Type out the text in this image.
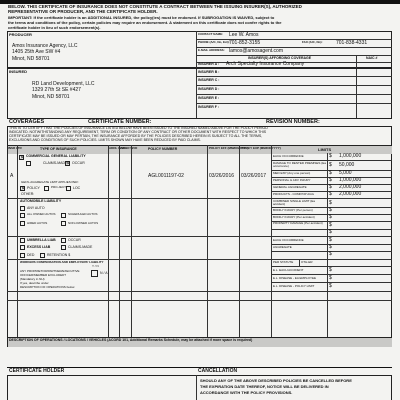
BELOW. THIS CERTIFICATE OF INSURANCE DOES NOT CONSTITUTE A CONTRACT BETWEEN THE ISSUING INSURER(S), AUTHORIZED
REPRESENTATIVE OR PRODUCER, AND THE CERTIFICATE HOLDER.
IMPORTANT: If the certificate holder is an ADDITIONAL INSURED, the policy(ies) must be endorsed. If SUBROGATION IS WAIVED, subject to
the terms and conditions of the policy, certain policies may require an endorsement. A statement on this certificate does not confer rights to the
certificate holder in lieu of such endorsement(s).
PRODUCER
Amos Insurance Agency, LLC
1405 25th Ave SW #4
Minot, ND 58701
CONTACT NAME: Lee W. Amos
PHONE (A/C, No, Ext): 701-852-3155	FAX (A/C, No):	701-838-4331
E-MAIL ADDRESS: lamos@amosagent.com
INSURER(S) AFFORDING COVERAGE	NAIC #
INSURER A : Arch Specialty Insurance Company
INSURED
RD Land Development, LLC
1329 27th St SE #427
Minot, ND 58701
INSURER B :
INSURER C :
INSURER D :
INSURER E :
INSURER F :
COVERAGES	CERTIFICATE NUMBER:	REVISION NUMBER:
THIS IS TO CERTIFY THAT THE POLICIES OF INSURANCE LISTED BELOW HAVE BEEN ISSUED TO THE INSURED NAMED ABOVE FOR THE POLICY PERIOD
INDICATED. NOTWITHSTANDING ANY REQUIREMENT, TERM OR CONDITION OF ANY CONTRACT OR OTHER DOCUMENT WITH RESPECT TO WHICH THIS
CERTIFICATE MAY BE ISSUED OR MAY PERTAIN, THE INSURANCE AFFORDED BY THE POLICIES DESCRIBED HEREIN IS SUBJECT TO ALL THE TERMS,
EXCLUSIONS AND CONDITIONS OF SUCH POLICIES. LIMITS SHOWN MAY HAVE BEEN REDUCED BY PAID CLAIMS.
INSR LTR	TYPE OF INSURANCE	ADDL INSD
SUBR WVD	POLICY NUMBER	POLICY EFF (MM/DD/YYYY)
POLICY EXP (MM/DD/YYYY)	LIMITS
✕ COMMERCIAL GENERAL LIABILITY
CLAIMS-MADE
✕ OCCUR
GEN'L AGGREGATE LIMIT APPLIES PER:
✕ POLICY	PRO-JECT LOC
OTHER:
A	AGL0011197-02	03/26/2016 03/26/2017
EACH OCCURRENCE	$ 1,000,000
DAMAGE TO RENTED PREMISES (Ea occurrence)	$ 50,000
MED EXP (Any one person)	$ 5,000
PERSONAL & ADV INJURY	$ 1,000,000
GENERAL AGGREGATE	$ 2,000,000
PRODUCTS - COMP/OP AGG	$ 2,000,000
AUTOMOBILE LIABILITY
ANY AUTO
ALL OWNED AUTOS	SCHEDULED AUTOS
HIRED AUTOS	NON-OWNED AUTOS
COMBINED SINGLE LIMIT (Ea accident)	$
BODILY INJURY (Per person)	$
BODILY INJURY (Per accident)	$
PROPERTY DAMAGE (Per accident)	$
$
UMBRELLA LIAB	OCCUR
EXCESS LIAB	CLAIMS-MADE
DED	RETENTION $
EACH OCCURRENCE	$
AGGREGATE	$
$
WORKERS COMPENSATION AND EMPLOYERS' LIABILITY
Y / N
ANY PROPRIETOR/PARTNER/EXECUTIVE
OFFICER/MEMBER EXCLUDED?
(Mandatory in NH)
If yes, describe under
DESCRIPTION OF OPERATIONS below
N / A
PER STATUTE	OTH-ER
E.L. EACH ACCIDENT	$
E.L. DISEASE - EA EMPLOYEE	$
E.L. DISEASE - POLICY LIMIT	$
DESCRIPTION OF OPERATIONS / LOCATIONS / VEHICLES (ACORD 101, Additional Remarks Schedule, may be attached if more space is required)
CERTIFICATE HOLDER	CANCELLATION
SHOULD ANY OF THE ABOVE DESCRIBED POLICIES BE CANCELLED BEFORE
THE EXPIRATION DATE THEREOF, NOTICE WILL BE DELIVERED IN
ACCORDANCE WITH THE POLICY PROVISIONS.
